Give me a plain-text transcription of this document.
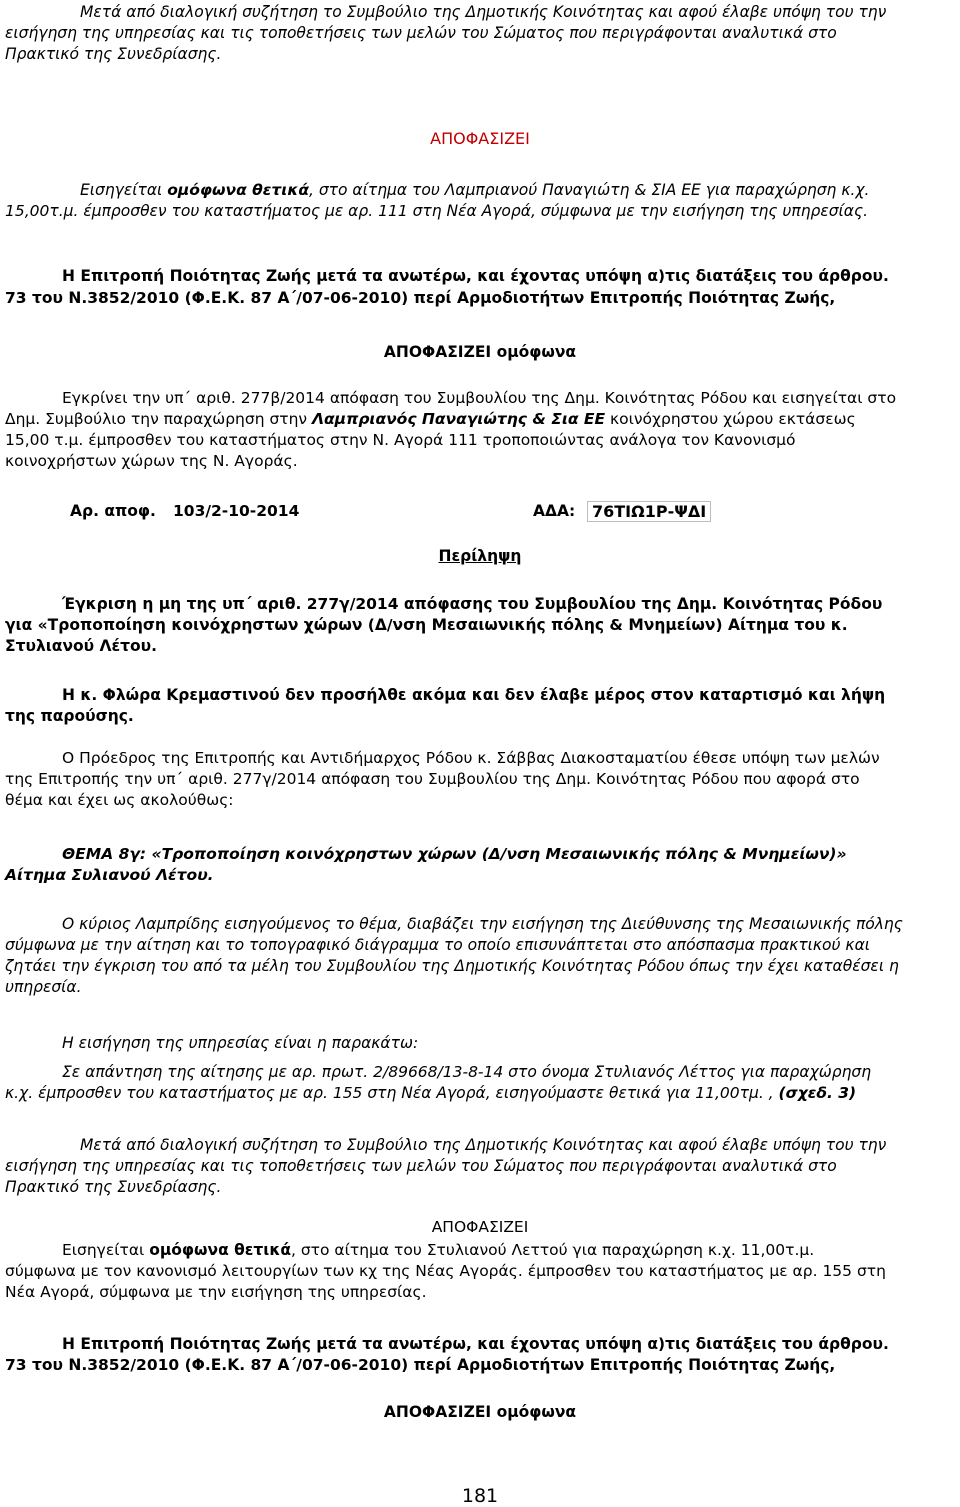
Μετά από διαλογική συζήτηση το Συμβούλιο της Δημοτικής Κοινότητας και αφού έλαβε υπόψη του την

εισήγηση της υπηρεσίας και τις τοποθετήσεις των μελών του Σώματος που περιγράφονται αναλυτικά στο

Πρακτικό της Συνεδρίασης.

ΑΠΟΦΑΣΙΖΕΙ

Εισηγείται ομόφωνα θετικά, στο αίτημα του Λαμπριανού Παναγιώτη & ΣΙΑ ΕΕ για παραχώρηση κ.χ.

15,00τ.μ. έμπροσθεν του καταστήματος με αρ. 111 στη Νέα Αγορά, σύμφωνα με την εισήγηση της υπηρεσίας.

Η Επιτροπή Ποιότητας Ζωής μετά τα ανωτέρω, και έχοντας υπόψη α)τις διατάξεις του άρθρου.

73 του Ν.3852/2010 (Φ.Ε.Κ. 87 Α΄/07-06-2010) περί Αρμοδιοτήτων Επιτροπής Ποιότητας Ζωής,

ΑΠΟΦΑΣΙΖΕΙ ομόφωνα

Εγκρίνει την υπ΄ αριθ. 277β/2014 απόφαση του Συμβουλίου της Δημ. Κοινότητας Ρόδου και εισηγείται στο

Δημ. Συμβούλιο την παραχώρηση στην Λαμπριανός Παναγιώτης & Σια ΕΕ κοινόχρηστου χώρου εκτάσεως

15,00 τ.μ. έμπροσθεν του καταστήματος στην Ν. Αγορά 111 τροποποιώντας ανάλογα τον Κανονισμό

κοινοχρήστων χώρων της Ν. Αγοράς.

Αρ. αποφ. 103/2-10-2014	ΑΔΑ:	76ΤΙΩ1Ρ-ΨΔΙ

Περίληψη

Έγκριση η μη της υπ΄ αριθ. 277γ/2014 απόφασης του Συμβουλίου της Δημ. Κοινότητας Ρόδου

για «Τροποποίηση κοινόχρηστων χώρων (Δ/νση Μεσαιωνικής πόλης & Μνημείων) Αίτημα του κ.

Στυλιανού Λέτου.

Η κ. Φλώρα Κρεμαστινού δεν προσήλθε ακόμα και δεν έλαβε μέρος στον καταρτισμό και λήψη

της παρούσης.

Ο Πρόεδρος της Επιτροπής και Αντιδήμαρχος Ρόδου κ. Σάββας Διακοσταματίου έθεσε υπόψη των μελών

της Επιτροπής την υπ΄ αριθ. 277γ/2014 απόφαση του Συμβουλίου της Δημ. Κοινότητας Ρόδου που αφορά στο

θέμα και έχει ως ακολούθως:

ΘΕΜΑ 8γ: «Τροποποίηση κοινόχρηστων χώρων (Δ/νση Μεσαιωνικής πόλης & Μνημείων)»

Αίτημα Συλιανού Λέτου.

Ο κύριος Λαμπρίδης εισηγούμενος το θέμα, διαβάζει την εισήγηση της Διεύθυνσης της Μεσαιωνικής πόλης

σύμφωνα με την αίτηση και το τοπογραφικό διάγραμμα το οποίο επισυνάπτεται στο απόσπασμα πρακτικού και

ζητάει την έγκριση του από τα μέλη του Συμβουλίου της Δημοτικής Κοινότητας Ρόδου όπως την έχει καταθέσει η

υπηρεσία.

Η εισήγηση της υπηρεσίας είναι η παρακάτω:

Σε απάντηση της αίτησης με αρ. πρωτ. 2/89668/13-8-14 στο όνομα Στυλιανός Λέττος για παραχώρηση

κ.χ. έμπροσθεν του καταστήματος με αρ. 155 στη Νέα Αγορά, εισηγούμαστε θετικά για 11,00τμ. , (σχεδ. 3)

Μετά από διαλογική συζήτηση το Συμβούλιο της Δημοτικής Κοινότητας και αφού έλαβε υπόψη του την

εισήγηση της υπηρεσίας και τις τοποθετήσεις των μελών του Σώματος που περιγράφονται αναλυτικά στο

Πρακτικό της Συνεδρίασης.

ΑΠΟΦΑΣΙΖΕΙ

Εισηγείται ομόφωνα θετικά, στο αίτημα του Στυλιανού Λεττού για παραχώρηση κ.χ. 11,00τ.μ.

σύμφωνα με τον κανονισμό λειτουργίων των κχ της Νέας Αγοράς. έμπροσθεν του καταστήματος με αρ. 155 στη

Νέα Αγορά, σύμφωνα με την εισήγηση της υπηρεσίας.

Η Επιτροπή Ποιότητας Ζωής μετά τα ανωτέρω, και έχοντας υπόψη α)τις διατάξεις του άρθρου.

73 του Ν.3852/2010 (Φ.Ε.Κ. 87 Α΄/07-06-2010) περί Αρμοδιοτήτων Επιτροπής Ποιότητας Ζωής,

ΑΠΟΦΑΣΙΖΕΙ ομόφωνα

181
